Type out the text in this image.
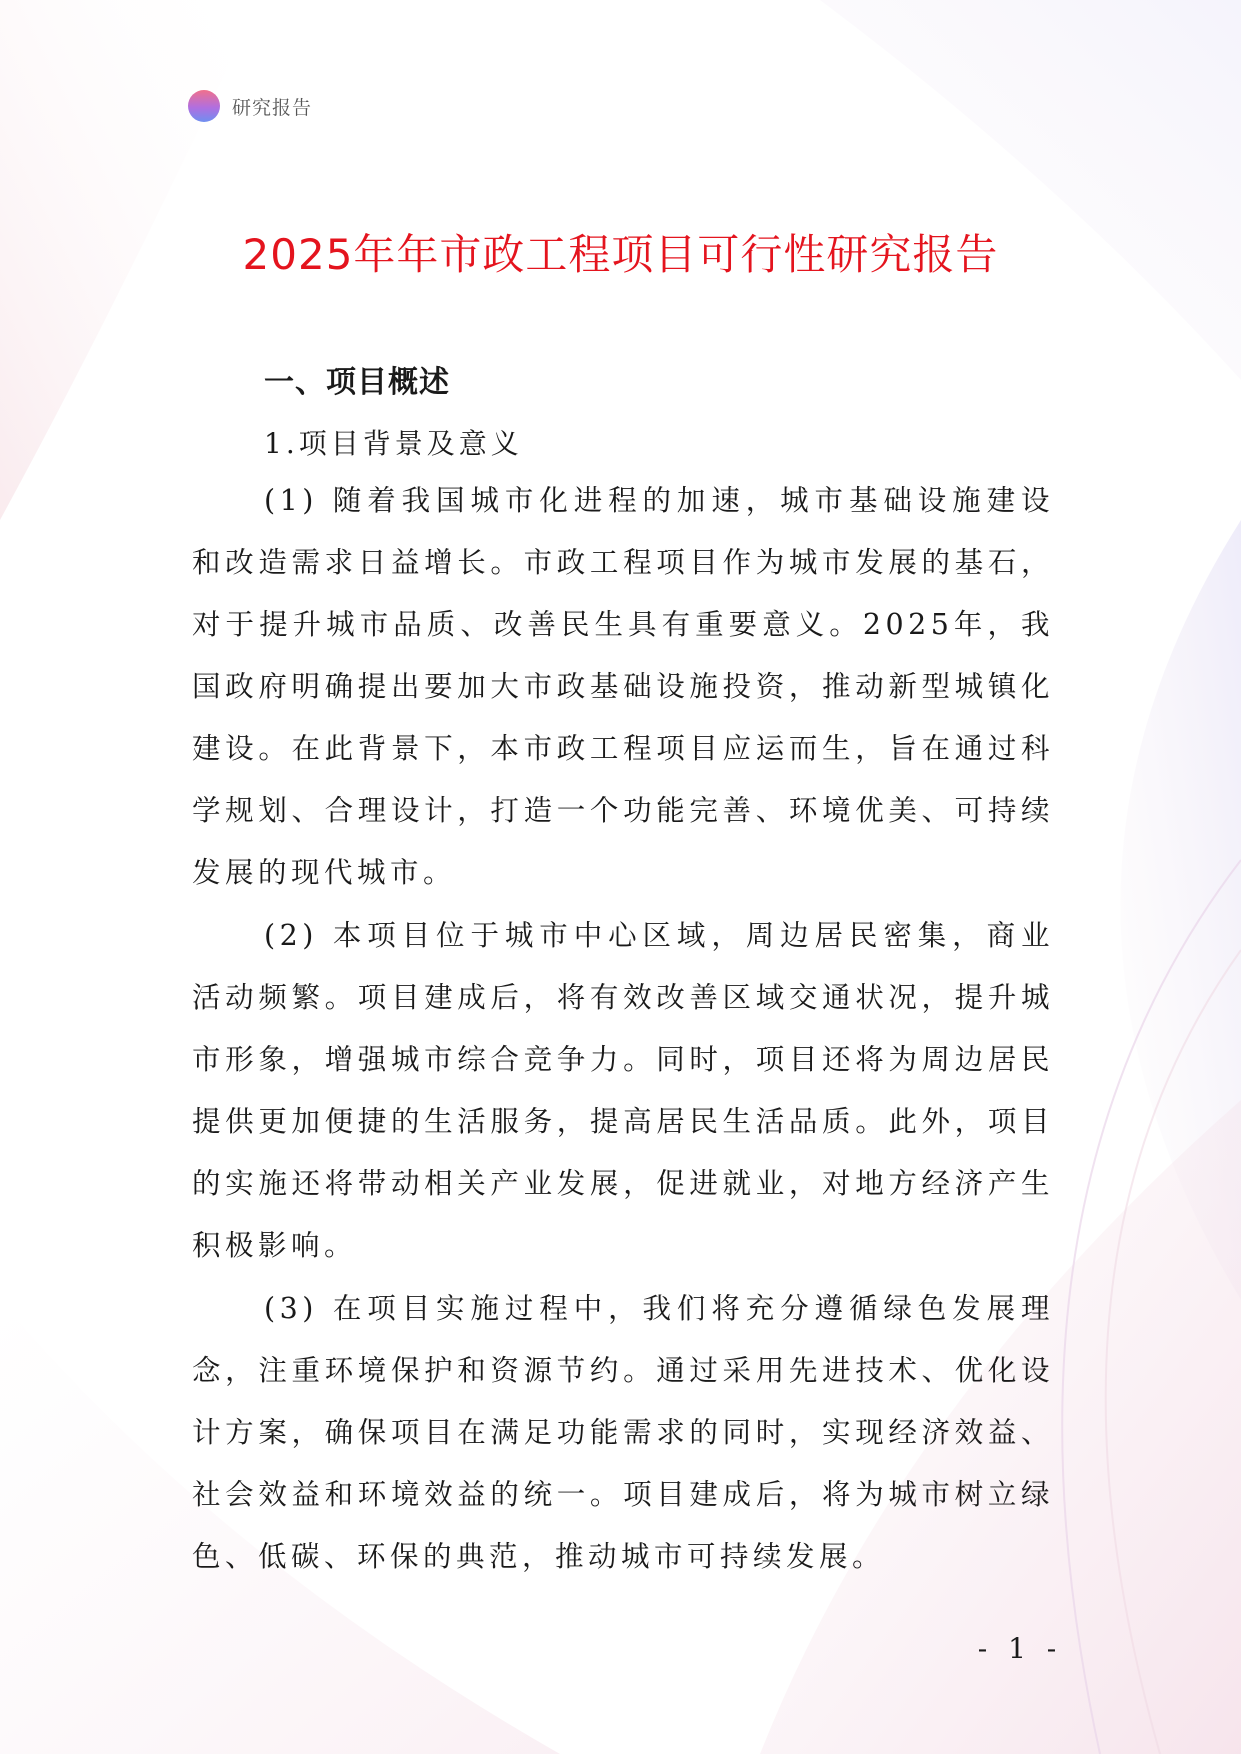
研究报告
2025年年市政工程项目可行性研究报告
一、项目概述
1.项目背景及意义

(1) 随着我国城市化进程的加速，城市基础设施建设和改造需求日益增长。市政工程项目作为城市发展的基石，对于提升城市品质、改善民生具有重要意义。2025年，我国政府明确提出要加大市政基础设施投资，推动新型城镇化建设。在此背景下，本市政工程项目应运而生，旨在通过科学规划、合理设计，打造一个功能完善、环境优美、可持续发展的现代城市。

(2) 本项目位于城市中心区域，周边居民密集，商业活动频繁。项目建成后，将有效改善区域交通状况，提升城市形象，增强城市综合竞争力。同时，项目还将为周边居民提供更加便捷的生活服务，提高居民生活品质。此外，项目的实施还将带动相关产业发展，促进就业，对地方经济产生积极影响。

(3) 在项目实施过程中，我们将充分遵循绿色发展理念，注重环境保护和资源节约。通过采用先进技术、优化设计方案，确保项目在满足功能需求的同时，实现经济效益、社会效益和环境效益的统一。项目建成后，将为城市树立绿色、低碳、环保的典范，推动城市可持续发展。

- 1 -
